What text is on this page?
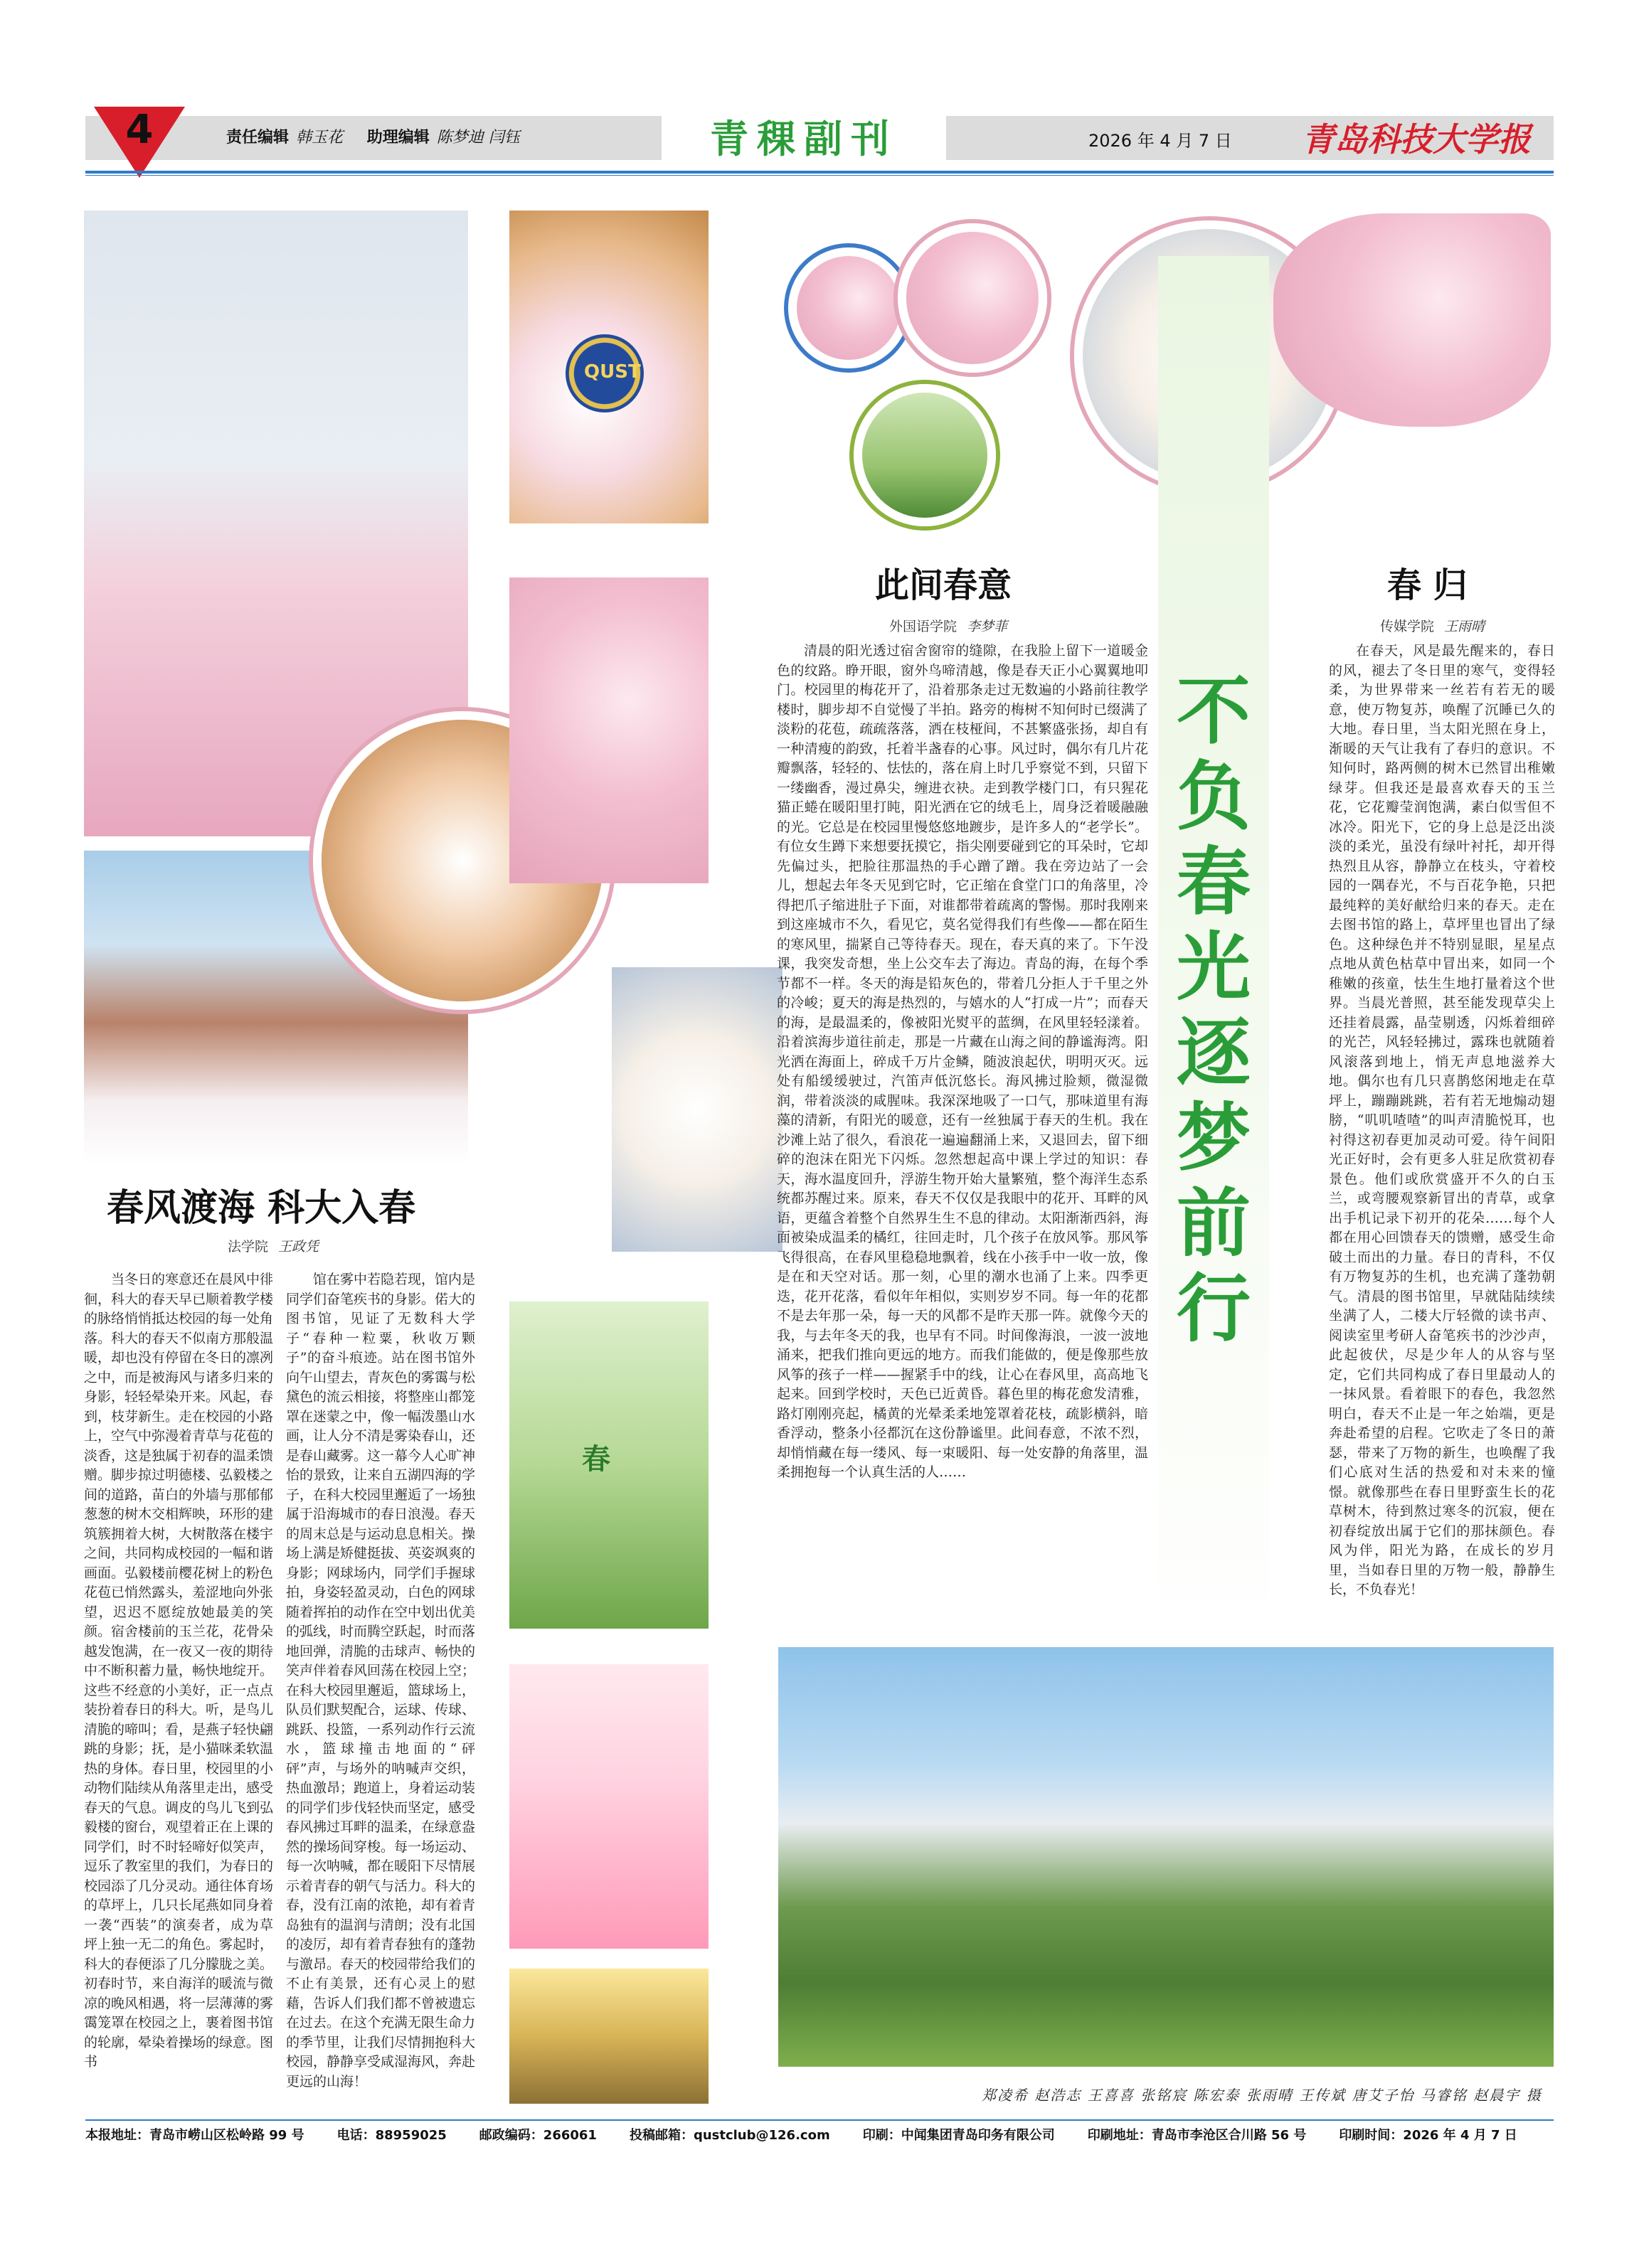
4	责任编辑 韩玉花 助理编辑 陈梦迪 闫钰	青稞副刊	2026 年 4 月 7 日 青岛科技大学报
QUST
春
春风渡海 科大入春
法学院 王政凭

当冬日的寒意还在晨风中徘徊，科大的春天早已顺着教学楼的脉络悄悄抵达校园的每一处角落。科大的春天不似南方那般温暖，却也没有停留在冬日的凛冽之中，而是被海风与诸多归来的身影，轻轻晕染开来。风起，春到，枝芽新生。走在校园的小路上，空气中弥漫着青草与花苞的淡香，这是独属于初春的温柔馈赠。脚步掠过明德楼、弘毅楼之间的道路，苗白的外墙与那郁郁葱葱的树木交相辉映，环形的建筑簇拥着大树，大树散落在楼宇之间，共同构成校园的一幅和谐画面。弘毅楼前樱花树上的粉色花苞已悄然露头，羞涩地向外张望，迟迟不愿绽放她最美的笑颜。宿舍楼前的玉兰花，花骨朵越发饱满，在一夜又一夜的期待中不断积蓄力量，畅快地绽开。这些不经意的小美好，正一点点装扮着春日的科大。听，是鸟儿清脆的啼叫；看，是燕子轻快翩跳的身影；抚，是小猫咪柔软温热的身体。春日里，校园里的小动物们陆续从角落里走出，感受春天的气息。调皮的鸟儿飞到弘毅楼的窗台，观望着正在上课的同学们，时不时轻啼好似笑声，逗乐了教室里的我们，为春日的校园添了几分灵动。通往体育场的草坪上，几只长尾燕如同身着一袭“西装”的演奏者，成为草坪上独一无二的角色。雾起时，科大的春便添了几分朦胧之美。初春时节，来自海洋的暖流与微凉的晚风相遇，将一层薄薄的雾霭笼罩在校园之上，裹着图书馆的轮廓，晕染着操场的绿意。图书

馆在雾中若隐若现，馆内是同学们奋笔疾书的身影。偌大的图书馆，见证了无数科大学子“春种一粒粟，秋收万颗子”的奋斗痕迹。站在图书馆外向午山望去，青灰色的雾霭与松黛色的流云相接，将整座山都笼罩在迷蒙之中，像一幅泼墨山水画，让人分不清是雾染春山，还是春山藏雾。这一幕今人心旷神怡的景致，让来自五湖四海的学子，在科大校园里邂逅了一场独属于沿海城市的春日浪漫。春天的周末总是与运动息息相关。操场上满是矫健挺拔、英姿飒爽的身影；网球场内，同学们手握球拍，身姿轻盈灵动，白色的网球随着挥拍的动作在空中划出优美的弧线，时而腾空跃起，时而落地回弹，清脆的击球声、畅快的笑声伴着春风回荡在校园上空；在科大校园里邂逅，篮球场上，队员们默契配合，运球、传球、跳跃、投篮，一系列动作行云流水，篮球撞击地面的“砰砰”声，与场外的呐喊声交织，热血激昂；跑道上，身着运动装的同学们步伐轻快而坚定，感受春风拂过耳畔的温柔，在绿意盎然的操场间穿梭。每一场运动、每一次呐喊，都在暖阳下尽情展示着青春的朝气与活力。科大的春，没有江南的浓艳，却有着青岛独有的温润与清朗；没有北国的凌厉，却有着青春独有的蓬勃与激昂。春天的校园带给我们的不止有美景，还有心灵上的慰藉，告诉人们我们都不曾被遗忘在过去。在这个充满无限生命力的季节里，让我们尽情拥抱科大校园，静静享受咸湿海风，奔赴更远的山海！

此间春意
外国语学院 李梦菲

清晨的阳光透过宿舍窗帘的缝隙，在我脸上留下一道暖金色的纹路。睁开眼，窗外鸟啼清越，像是春天正小心翼翼地叩门。校园里的梅花开了，沿着那条走过无数遍的小路前往教学楼时，脚步却不自觉慢了半拍。路旁的梅树不知何时已缀满了淡粉的花苞，疏疏落落，洒在枝桠间，不甚繁盛张扬，却自有一种清瘦的韵致，托着半盏春的心事。风过时，偶尔有几片花瓣飘落，轻轻的、怯怯的，落在肩上时几乎察觉不到，只留下一缕幽香，漫过鼻尖，缠进衣袂。走到教学楼门口，有只猩花猫正蜷在暖阳里打盹，阳光洒在它的绒毛上，周身泛着暖融融的光。它总是在校园里慢悠悠地踱步，是许多人的“老学长”。有位女生蹲下来想要抚摸它，指尖刚要碰到它的耳朵时，它却先偏过头，把脸往那温热的手心蹭了蹭。我在旁边站了一会儿，想起去年冬天见到它时，它正缩在食堂门口的角落里，冷得把爪子缩进肚子下面，对谁都带着疏离的警惕。那时我刚来到这座城市不久，看见它，莫名觉得我们有些像——都在陌生的寒风里，揣紧自己等待春天。现在，春天真的来了。下午没课，我突发奇想，坐上公交车去了海边。青岛的海，在每个季节都不一样。冬天的海是铅灰色的，带着几分拒人于千里之外的冷峻；夏天的海是热烈的，与嬉水的人“打成一片”；而春天的海，是最温柔的，像被阳光熨平的蓝绸，在风里轻轻漾着。沿着滨海步道往前走，那是一片藏在山海之间的静谧海湾。阳光洒在海面上，碎成千万片金鳞，随波浪起伏，明明灭灭。远处有船缓缓驶过，汽笛声低沉悠长。海风拂过脸颊，微湿微润，带着淡淡的咸腥味。我深深地吸了一口气，那味道里有海藻的清新，有阳光的暖意，还有一丝独属于春天的生机。我在沙滩上站了很久，看浪花一遍遍翻涌上来，又退回去，留下细碎的泡沫在阳光下闪烁。忽然想起高中课上学过的知识：春天，海水温度回升，浮游生物开始大量繁殖，整个海洋生态系统都苏醒过来。原来，春天不仅仅是我眼中的花开、耳畔的风语，更蕴含着整个自然界生生不息的律动。太阳渐渐西斜，海面被染成温柔的橘红，往回走时，几个孩子在放风筝。那风筝飞得很高，在春风里稳稳地飘着，线在小孩手中一收一放，像是在和天空对话。那一刻，心里的潮水也涌了上来。四季更迭，花开花落，看似年年相似，实则岁岁不同。每一年的花都不是去年那一朵，每一天的风都不是昨天那一阵。就像今天的我，与去年冬天的我，也早有不同。时间像海浪，一波一波地涌来，把我们推向更远的地方。而我们能做的，便是像那些放风筝的孩子一样——握紧手中的线，让心在春风里，高高地飞起来。回到学校时，天色已近黄昏。暮色里的梅花愈发清雅，路灯刚刚亮起，橘黄的光晕柔柔地笼罩着花枝，疏影横斜，暗香浮动，整条小径都沉在这份静谧里。此间春意，不浓不烈，却悄悄藏在每一缕风、每一束暖阳、每一处安静的角落里，温柔拥抱每一个认真生活的人……

不负春光 逐梦前行
春 归
传媒学院 王雨晴

在春天，风是最先醒来的，春日的风，褪去了冬日里的寒气，变得轻柔，为世界带来一丝若有若无的暖意，使万物复苏，唤醒了沉睡已久的大地。春日里，当太阳光照在身上，渐暖的天气让我有了春归的意识。不知何时，路两侧的树木已然冒出稚嫩绿芽。但我还是最喜欢春天的玉兰花，它花瓣莹润饱满，素白似雪但不冰冷。阳光下，它的身上总是泛出淡淡的柔光，虽没有绿叶衬托，却开得热烈且从容，静静立在枝头，守着校园的一隅春光，不与百花争艳，只把最纯粹的美好献给归来的春天。走在去图书馆的路上，草坪里也冒出了绿色。这种绿色并不特别显眼，星星点点地从黄色枯草中冒出来，如同一个稚嫩的孩童，怯生生地打量着这个世界。当晨光普照，甚至能发现草尖上还挂着晨露，晶莹剔透，闪烁着细碎的光芒，风轻轻拂过，露珠也就随着风滚落到地上，悄无声息地滋养大地。偶尔也有几只喜鹊悠闲地走在草坪上，蹦蹦跳跳，若有若无地煽动翅膀，“叽叽喳喳”的叫声清脆悦耳，也衬得这初春更加灵动可爱。待午间阳光正好时，会有更多人驻足欣赏初春景色。他们或欣赏盛开不久的白玉兰，或弯腰观察新冒出的青草，或拿出手机记录下初开的花朵……每个人都在用心回馈春天的馈赠，感受生命破土而出的力量。春日的青科，不仅有万物复苏的生机，也充满了蓬勃朝气。清晨的图书馆里，早就陆陆续续坐满了人，二楼大厅轻微的读书声、阅读室里考研人奋笔疾书的沙沙声，此起彼伏，尽是少年人的从容与坚定，它们共同构成了春日里最动人的一抹风景。看着眼下的春色，我忽然明白，春天不止是一年之始端，更是奔赴希望的启程。它吹走了冬日的萧瑟，带来了万物的新生，也唤醒了我们心底对生活的热爱和对未来的憧憬。就像那些在春日里野蛮生长的花草树木，待到熬过寒冬的沉寂，便在初春绽放出属于它们的那抹颜色。春风为伴，阳光为路，在成长的岁月里，当如春日里的万物一般，静静生长，不负春光！

郑凌希 赵浩志 王喜喜 张铭宸 陈宏泰 张雨晴 王传斌 唐艾子怡 马睿铭 赵晨宇 摄
本报地址：青岛市崂山区松岭路 99 号	电话：88959025	邮政编码：266061	投稿邮箱：qustclub@126.com	印刷：中闻集团青岛印务有限公司	印刷地址：青岛市李沧区合川路 56 号	印刷时间：2026 年 4 月 7 日
